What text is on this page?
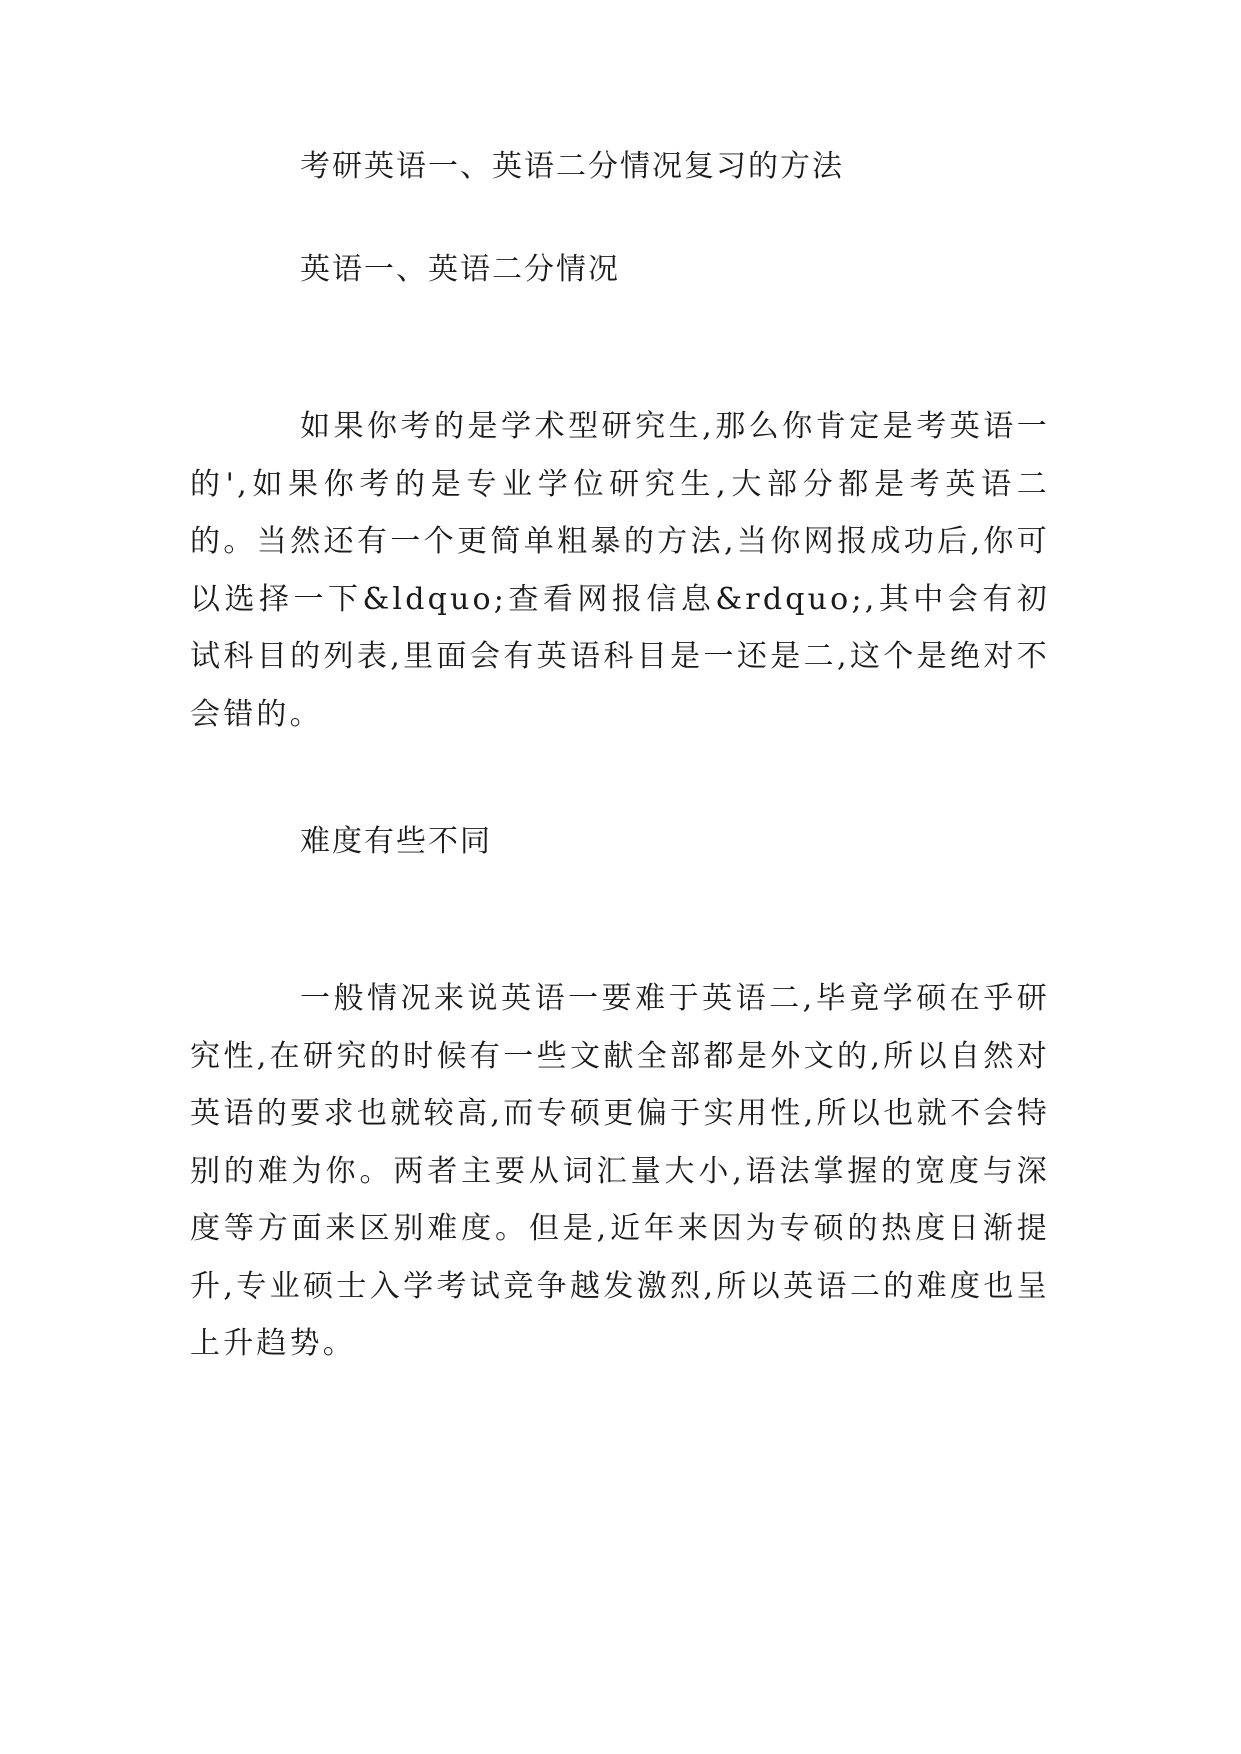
考研英语一、英语二分情况复习的方法
英语一、英语二分情况

如果你考的是学术型研究生,那么你肯定是考英语一的',如果你考的是专业学位研究生,大部分都是考英语二的。当然还有一个更简单粗暴的方法,当你网报成功后,你可以选择一下&ldquo;查看网报信息&rdquo;,其中会有初试科目的列表,里面会有英语科目是一还是二,这个是绝对不会错的。

难度有些不同

一般情况来说英语一要难于英语二,毕竟学硕在乎研究性,在研究的时候有一些文献全部都是外文的,所以自然对英语的要求也就较高,而专硕更偏于实用性,所以也就不会特别的难为你。两者主要从词汇量大小,语法掌握的宽度与深度等方面来区别难度。但是,近年来因为专硕的热度日渐提升,专业硕士入学考试竞争越发激烈,所以英语二的难度也呈上升趋势。
